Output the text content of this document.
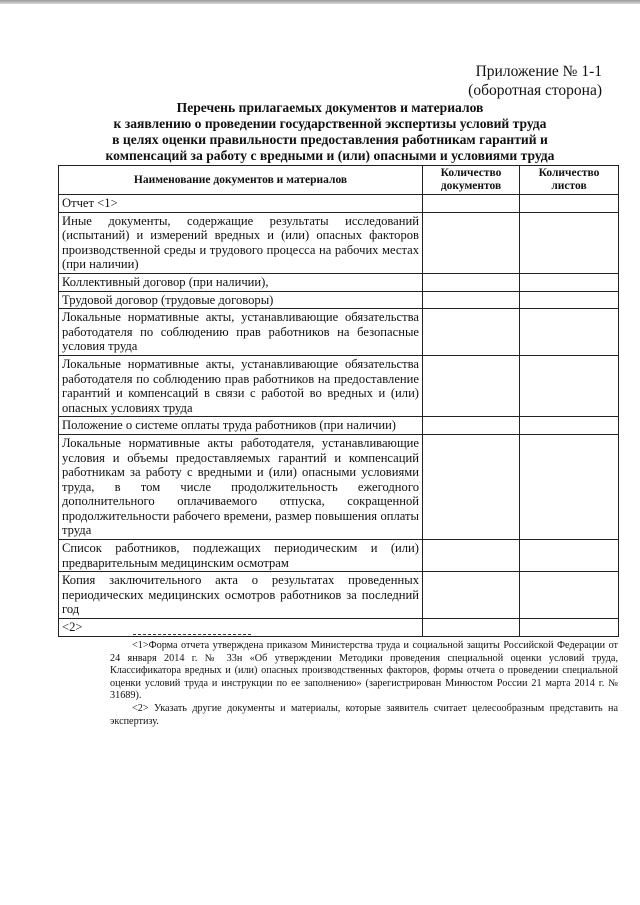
Приложение № 1-1
(оборотная сторона)
Перечень прилагаемых документов и материалов
к заявлению о проведении государственной экспертизы условий труда
в целях оценки правильности предоставления работникам гарантий и
компенсаций за работу с вредными и (или) опасными и условиями труда
Наименование документов и материалов	Количество документов	Количество листов
Отчет <1>		
Иные документы, содержащие результаты исследований (испытаний) и измерений вредных и (или) опасных факторов производственной среды и трудового процесса на рабочих местах (при наличии)		
Коллективный договор (при наличии),		
Трудовой договор (трудовые договоры)		
Локальные нормативные акты, устанавливающие обязательства работодателя по соблюдению прав работников на безопасные условия труда		
Локальные нормативные акты, устанавливающие обязательства работодателя по соблюдению прав работников на предоставление гарантий и компенсаций в связи с работой во вредных и (или) опасных условиях труда		
Положение о системе оплаты труда работников (при наличии)		
Локальные нормативные акты работодателя, устанавливающие условия и объемы предоставляемых гарантий и компенсаций работникам за работу с вредными и (или) опасными условиями труда, в том числе продолжительность ежегодного дополнительного оплачиваемого отпуска, сокращенной продолжительности рабочего времени, размер повышения оплаты труда		
Список работников, подлежащих периодическим и (или) предварительным медицинским осмотрам		
Копия заключительного акта о результатах проведенных периодических медицинских осмотров работников за последний год		
<2>		

<1>Форма отчета утверждена приказом Министерства труда и социальной защиты Российской Федерации от 24 января 2014 г. № 33н «Об утверждении Методики проведения специальной оценки условий труда, Классификатора вредных и (или) опасных производственных факторов, формы отчета о проведении специальной оценки условий труда и инструкции по ее заполнению» (зарегистрирован Минюстом России 21 марта 2014 г. № 31689).

<2> Указать другие документы и материалы, которые заявитель считает целесообразным представить на экспертизу.
